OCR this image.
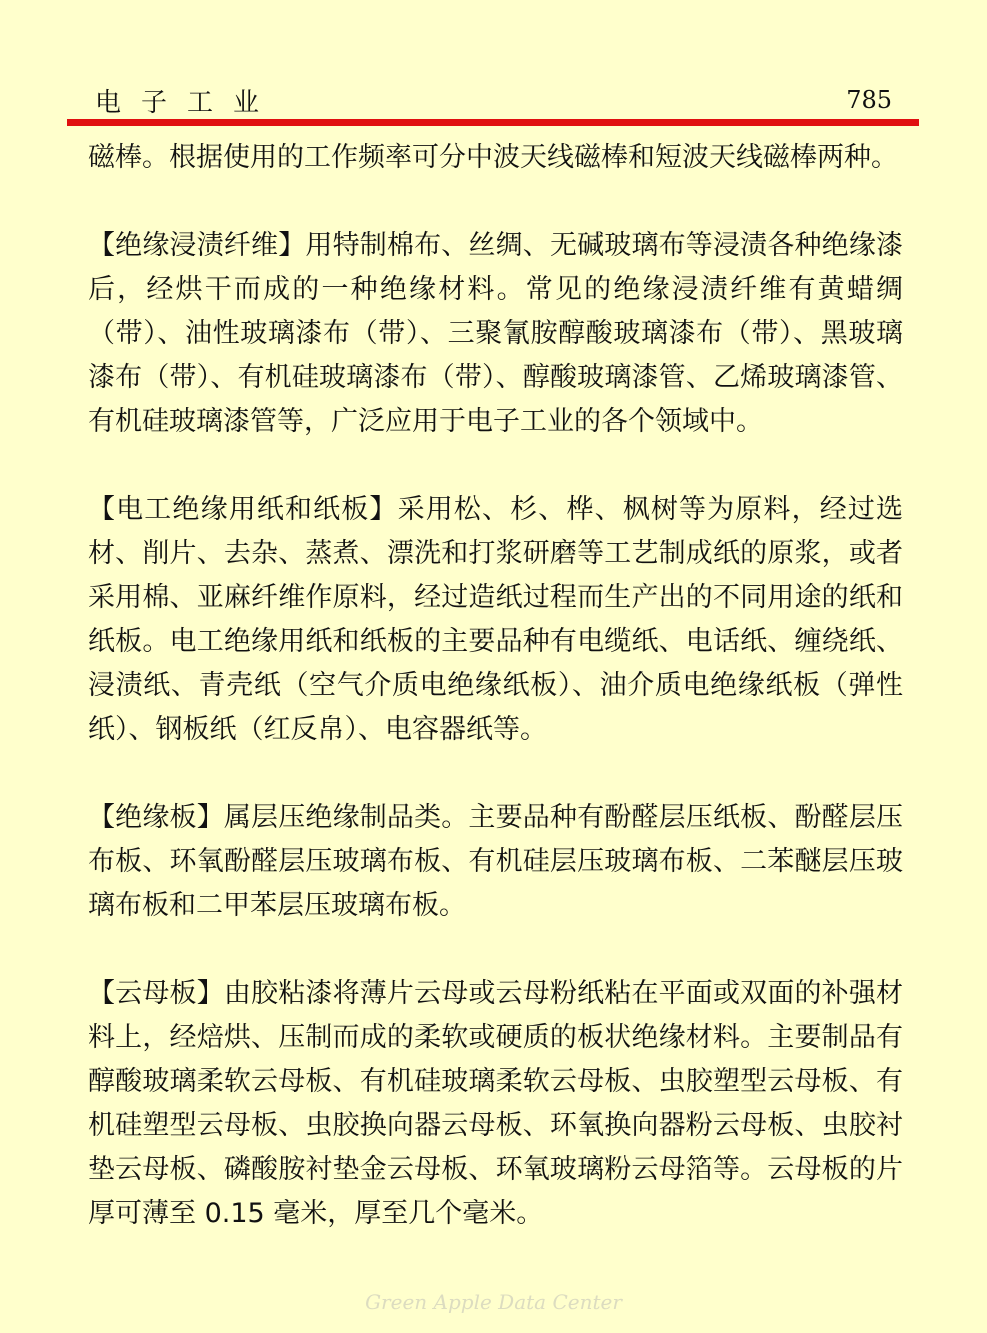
电子工业	785

磁棒。根据使用的工作频率可分中波天线磁棒和短波天线磁棒两种。

【绝缘浸渍纤维】用特制棉布、丝绸、无碱玻璃布等浸渍各种绝缘漆后，经烘干而成的一种绝缘材料。常见的绝缘浸渍纤维有黄蜡绸（带）、油性玻璃漆布（带）、三聚氰胺醇酸玻璃漆布（带）、黑玻璃漆布（带）、有机硅玻璃漆布（带）、醇酸玻璃漆管、乙烯玻璃漆管、有机硅玻璃漆管等，广泛应用于电子工业的各个领域中。

【电工绝缘用纸和纸板】采用松、杉、桦、枫树等为原料，经过选材、削片、去杂、蒸煮、漂洗和打浆研磨等工艺制成纸的原浆，或者采用棉、亚麻纤维作原料，经过造纸过程而生产出的不同用途的纸和纸板。电工绝缘用纸和纸板的主要品种有电缆纸、电话纸、缠绕纸、浸渍纸、青壳纸（空气介质电绝缘纸板）、油介质电绝缘纸板（弹性纸）、钢板纸（红反帛）、电容器纸等。

【绝缘板】属层压绝缘制品类。主要品种有酚醛层压纸板、酚醛层压布板、环氧酚醛层压玻璃布板、有机硅层压玻璃布板、二苯醚层压玻璃布板和二甲苯层压玻璃布板。

【云母板】由胶粘漆将薄片云母或云母粉纸粘在平面或双面的补强材料上，经焙烘、压制而成的柔软或硬质的板状绝缘材料。主要制品有醇酸玻璃柔软云母板、有机硅玻璃柔软云母板、虫胶塑型云母板、有机硅塑型云母板、虫胶换向器云母板、环氧换向器粉云母板、虫胶衬垫云母板、磷酸胺衬垫金云母板、环氧玻璃粉云母箔等。云母板的片厚可薄至 0.15 毫米，厚至几个毫米。

Green Apple Data Center
